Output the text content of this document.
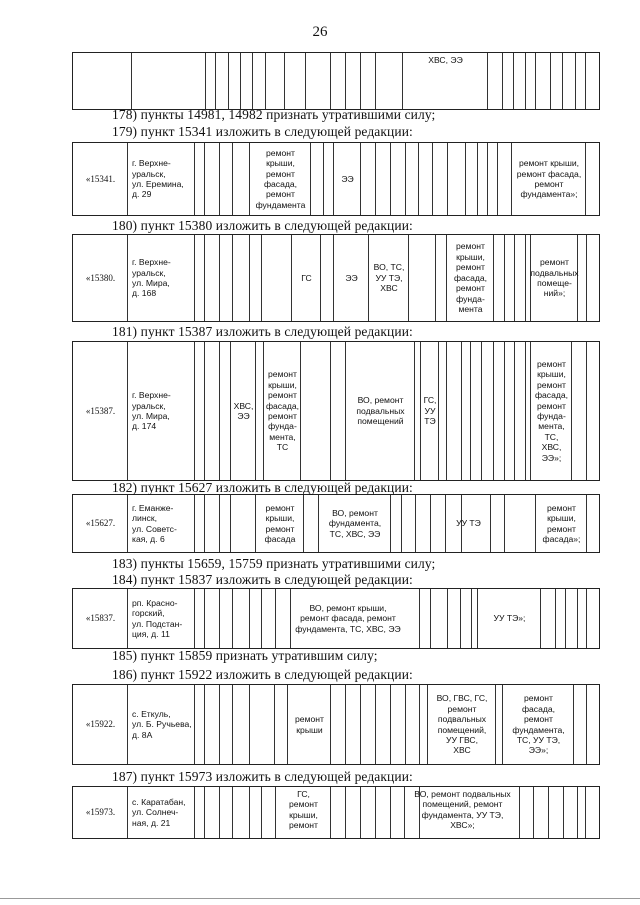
26
ХВС, ЭЭ
«15341.
г. Верхне-
уральск,
ул. Еремина,
д. 29
ремонт
крыши,
ремонт
фасада,
ремонт
фундамента
ЭЭ
ремонт крыши,
ремонт фасада,
ремонт
фундамента»;
«15380.
г. Верхне-
уральск,
ул. Мира,
д. 168
ГС	ЭЭ
ВО, ТС,
УУ ТЭ,
ХВС
ремонт
крыши,
ремонт
фасада,
ремонт
фунда-
мента
ремонт
подвальных
помеще-
ний»;
«15387.
г. Верхне-
уральск,
ул. Мира,
д. 174
ХВС,
ЭЭ
ремонт
крыши,
ремонт
фасада,
ремонт
фунда-
мента,
ТС
ВО, ремонт
подвальных
помещений
ГС,
УУ
ТЭ
ремонт
крыши,
ремонт
фасада,
ремонт
фунда-
мента,
ТС,
ХВС,
ЭЭ»;
«15627.
г. Еманже-
линск,
ул. Советс-
кая, д. 6
ремонт
крыши,
ремонт
фасада
ВО, ремонт
фундамента,
ТС, ХВС, ЭЭ
УУ ТЭ
ремонт
крыши,
ремонт
фасада»;
«15837.
рп. Красно-
горский,
ул. Подстан-
ция, д. 11
ВО, ремонт крыши,
ремонт фасада, ремонт
фундамента, ТС, ХВС, ЭЭ
УУ ТЭ»;
«15922.
с. Еткуль,
ул. Б. Ручьева,
д. 8А
ремонт
крыши
ВО, ГВС, ГС,
ремонт
подвальных
помещений,
УУ ГВС,
ХВС
ремонт
фасада,
ремонт
фундамента,
ТС, УУ ТЭ,
ЭЭ»;
«15973.
с. Каратабан,
ул. Солнеч-
ная, д. 21
ГС,
ремонт
крыши,
ремонт
ВО, ремонт подвальных
помещений, ремонт
фундамента, УУ ТЭ,
ХВС»;
178) пункты 14981, 14982 признать утратившими силу;
179) пункт 15341 изложить в следующей редакции:
180) пункт 15380 изложить в следующей редакции:
181) пункт 15387 изложить в следующей редакции:
182) пункт 15627 изложить в следующей редакции:
183) пункты 15659, 15759 признать утратившими силу;
184) пункт 15837 изложить в следующей редакции:
185) пункт 15859 признать утратившим силу;
186) пункт 15922 изложить в следующей редакции:
187) пункт 15973 изложить в следующей редакции:
